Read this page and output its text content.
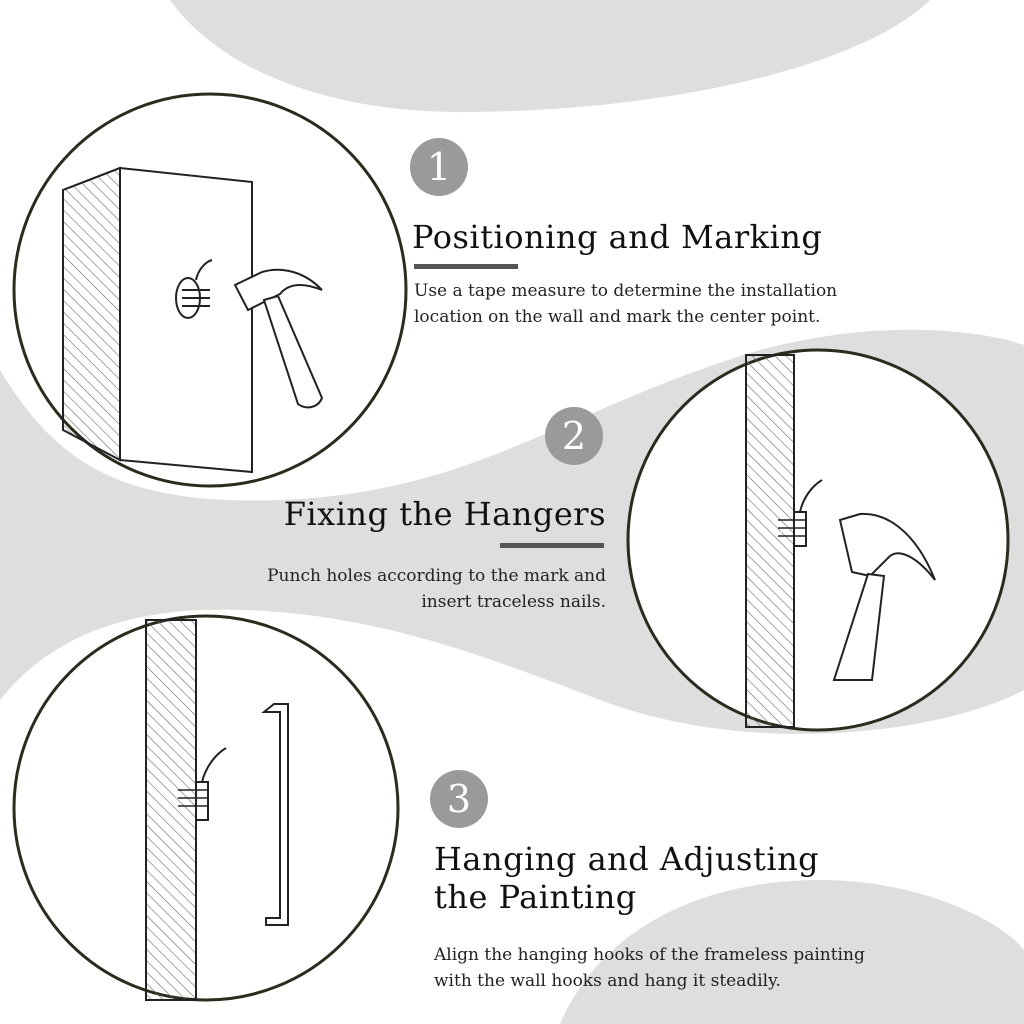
1
Positioning and Marking
Use a tape measure to determine the installation
location on the wall and mark the center point.
2
Fixing the Hangers
Punch holes according to the mark and
insert traceless nails.
3
Hanging and Adjusting
the Painting
Align the hanging hooks of the frameless painting
with the wall hooks and hang it steadily.
